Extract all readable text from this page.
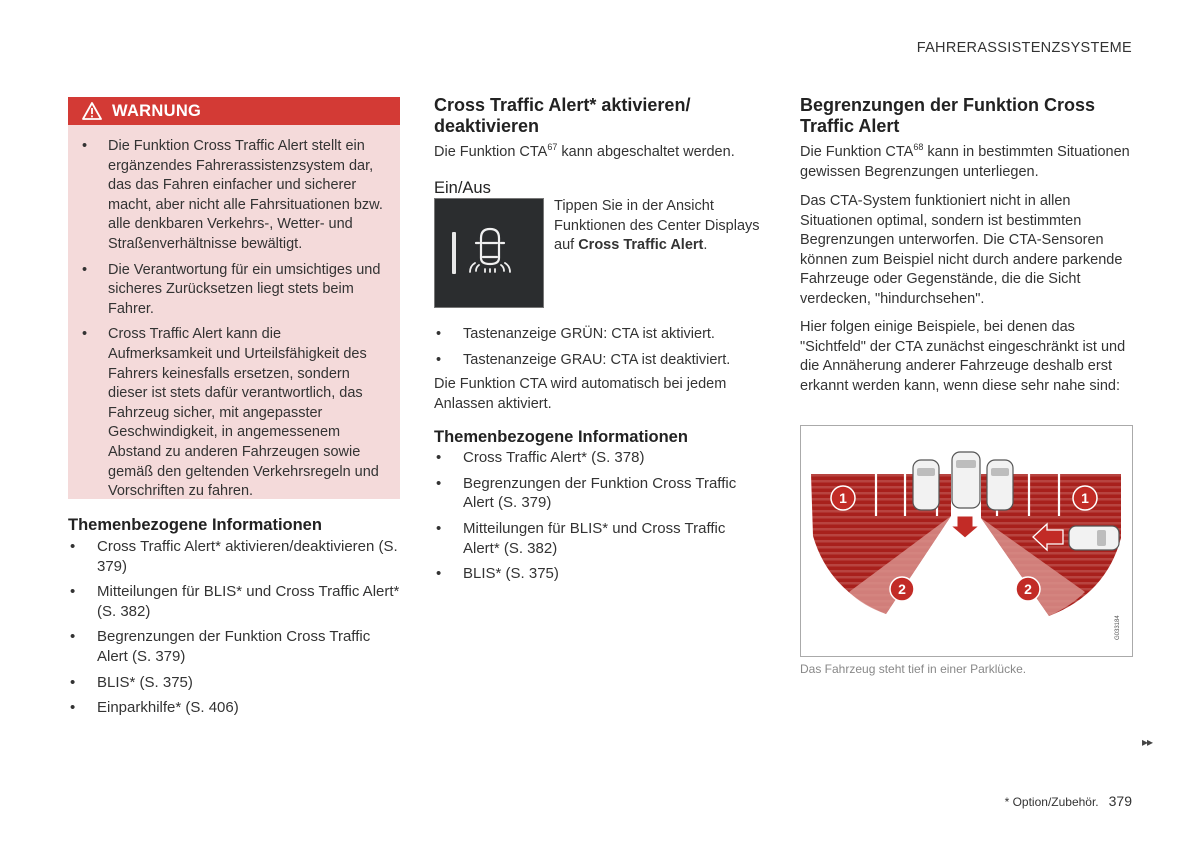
FAHRERASSISTENZSYSTEME
WARNUNG
• Die Funktion Cross Traffic Alert stellt ein ergänzendes Fahrerassistenzsystem dar, das das Fahren einfacher und sicherer macht, aber nicht alle Fahrsituationen bzw. alle denkbaren Verkehrs-, Wetter- und Straßenverhältnisse bewältigt.
• Die Verantwortung für ein umsichtiges und sicheres Zurücksetzen liegt stets beim Fahrer.
• Cross Traffic Alert kann die Aufmerksamkeit und Urteilsfähigkeit des Fahrers keinesfalls ersetzen, sondern dieser ist stets dafür verantwortlich, das Fahrzeug sicher, mit angepasster Geschwindigkeit, in angemessenem Abstand zu anderen Fahrzeugen sowie gemäß den geltenden Verkehrsregeln und Vorschriften zu fahren.
Themenbezogene Informationen
• Cross Traffic Alert* aktivieren/deaktivieren (S. 379)
• Mitteilungen für BLIS* und Cross Traffic Alert* (S. 382)
• Begrenzungen der Funktion Cross Traffic Alert (S. 379)
• BLIS* (S. 375)
• Einparkhilfe* (S. 406)
Cross Traffic Alert* aktivieren/ deaktivieren

Die Funktion CTA$^{67}$ kann abgeschaltet werden.

Ein/Aus

Tippen Sie in der Ansicht Funktionen des Center Displays auf Cross Traffic Alert.

• Tastenanzeige GRÜN: CTA ist aktiviert.
• Tastenanzeige GRAU: CTA ist deaktiviert.

Die Funktion CTA wird automatisch bei jedem Anlassen aktiviert.

Themenbezogene Informationen
• Cross Traffic Alert* (S. 378)
• Begrenzungen der Funktion Cross Traffic Alert (S. 379)
• Mitteilungen für BLIS* und Cross Traffic Alert* (S. 382)
• BLIS* (S. 375)
Begrenzungen der Funktion Cross Traffic Alert

Die Funktion CTA$^{68}$ kann in bestimmten Situationen gewissen Begrenzungen unterliegen.

Das CTA-System funktioniert nicht in allen Situationen optimal, sondern ist bestimmten Begrenzungen unterworfen. Die CTA-Sensoren können zum Beispiel nicht durch andere parkende Fahrzeuge oder Gegenstände, die die Sicht verdecken, "hindurchsehen".

Hier folgen einige Beispiele, bei denen das "Sichtfeld" der CTA zunächst eingeschränkt ist und die Annäherung anderer Fahrzeuge deshalb erst erkannt werden kann, wenn diese sehr nahe sind:

1	1
2	2
G033184
Das Fahrzeug steht tief in einer Parklücke.
▸▸
* Option/Zubehör. 379
